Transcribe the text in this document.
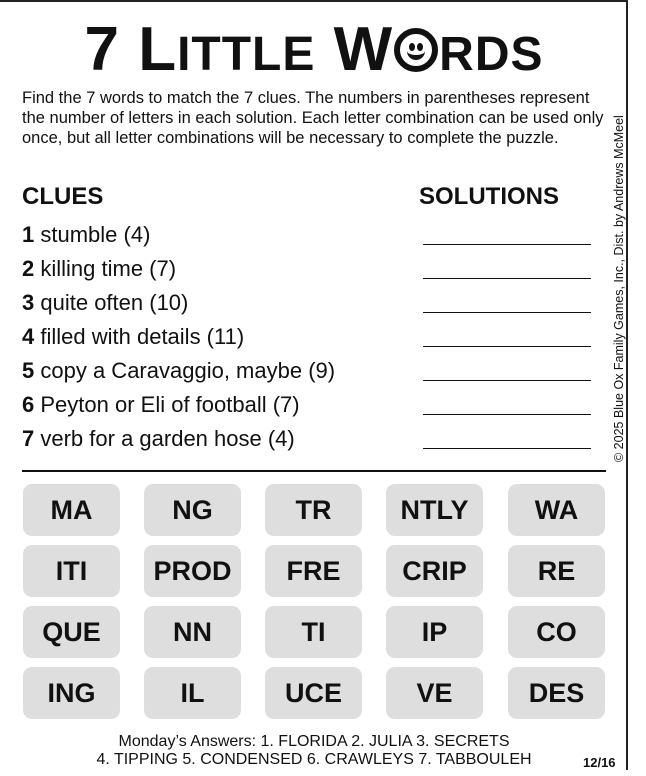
7 LITTLE W RDS
Find the 7 words to match the 7 clues. The numbers in parentheses represent the number of letters in each solution. Each letter combination can be used only once, but all letter combinations will be necessary to complete the puzzle.	© 2025 Blue Ox Family Games, Inc., Dist. by Andrews McMeel
CLUES	SOLUTIONS
1 stumble (4)
2 killing time (7)
3 quite often (10)
4 filled with details (11)
5 copy a Caravaggio, maybe (9)
6 Peyton or Eli of football (7)
7 verb for a garden hose (4)
MA	NG	TR	NTLY	WA
ITI	PROD	FRE	CRIP	RE
QUE	NN	TI	IP	CO
ING	IL	UCE	VE	DES
Monday’s Answers: 1. FLORIDA 2. JULIA 3. SECRETS
4. TIPPING 5. CONDENSED 6. CRAWLEYS 7. TABBOULEH	12/16
